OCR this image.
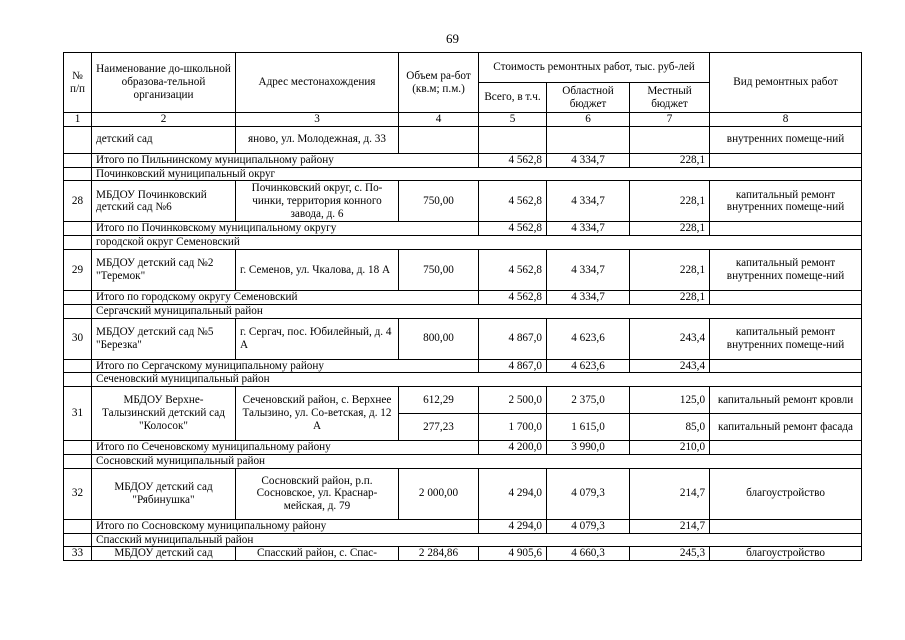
69
№ п/п	Наименование до-школьной образова-тельной организации	Адрес местонахождения	Объем ра-бот (кв.м; п.м.)	Стоимость ремонтных работ, тыс. руб-лей			Вид ремонтных работ
				Всего, в т.ч.	Областной бюджет	Местный бюджет	
1	2	3	4	5	6	7	8
	детский сад	яново, ул. Молодежная, д. 33					внутренних помеще-ний
	Итого по Пильнинскому муниципальному району			4 562,8	4 334,7	228,1	
	Починковский муниципальный округ						
28	МБДОУ Починковский детский сад №6	Починковский округ, с. По-чинки, территория конного завода, д. 6	750,00	4 562,8	4 334,7	228,1	капитальный ремонт внутренних помеще-ний
	Итого по Починковскому муниципальному округу			4 562,8	4 334,7	228,1	
	городской округ Семеновский						
29	МБДОУ детский сад №2 "Теремок"	г. Семенов, ул. Чкалова, д. 18 А	750,00	4 562,8	4 334,7	228,1	капитальный ремонт внутренних помеще-ний
	Итого по городскому округу Семеновский			4 562,8	4 334,7	228,1	
	Сергачский муниципальный район						
30	МБДОУ детский сад №5 "Березка"	г. Сергач, пос. Юбилейный, д. 4 А	800,00	4 867,0	4 623,6	243,4	капитальный ремонт внутренних помеще-ний
	Итого по Сергачскому муниципальному району			4 867,0	4 623,6	243,4	
	Сеченовский муниципальный район						
31	МБДОУ Верхне-Талызинский детский сад "Колосок"	Сеченовский район, с. Верхнее Талызино, ул. Со-ветская, д. 12 А	612,29	2 500,0	2 375,0	125,0	капитальный ремонт кровли
			277,23	1 700,0	1 615,0	85,0	капитальный ремонт фасада
	Итого по Сеченовскому муниципальному району			4 200,0	3 990,0	210,0	
	Сосновский муниципальный район						
32	МБДОУ детский сад "Рябинушка"	Сосновский район, р.п. Сосновское, ул. Краснар-мейская, д. 79	2 000,00	4 294,0	4 079,3	214,7	благоустройство
	Итого по Сосновскому муниципальному району			4 294,0	4 079,3	214,7	
	Спасский муниципальный район						
33	МБДОУ детский сад	Спасский район, с. Спас-	2 284,86	4 905,6	4 660,3	245,3	благоустройство
